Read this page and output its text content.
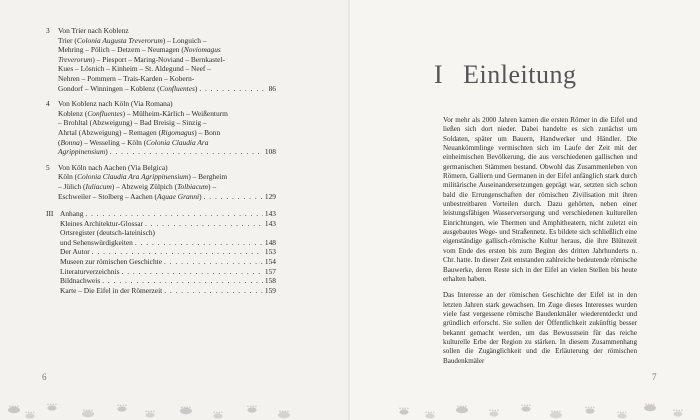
3 Von Trier nach Koblenz
Trier (Colonia Augusta Treverorum) – Longuich –
Mehring – Pölich – Detzem – Neumagen (Noviomagus
Treverorum) – Piesport – Maring-Noviand – Bernkastel-
Kues – Lösnich – Kinheim – St. Aldegund – Neef –
Nehren – Pommern – Trais-Karden – Kobern-
Gondorf – Winningen – Koblenz (Confluentes) . . .	86
4 Von Koblenz nach Köln (Via Romana)
Koblenz (Confluentes) – Mülheim-Kärlich – Weißenturm
– Brohltal (Abzweigung) – Bad Breisig – Sinzig –
Ahrtal (Abzweigung) – Remagen (Rigomagus) – Bonn
(Bonna) – Wesseling – Köln (Colonia Claudia Ara
Agrippinensium) . . .	108
5 Von Köln nach Aachen (Via Belgica)
Köln (Colonia Claudia Ara Agrippinensium) – Bergheim
– Jülich (Iuliacum) – Abzweig Zülpich (Tolbiacum) –
Eschweiler – Stolberg – Aachen (Aquae Granni) . . .	129
III Anhang . . .	143
Kleines Architektur-Glossar . . .	143
Ortsregister (deutsch-lateinisch)
und Sehenswürdigkeiten . . .	148
Der Autor . . .	153
Museen zur römischen Geschichte . . .	154
Literaturverzeichnis . . .	157
Bildnachweis . . .	158
Karte – Die Eifel in der Römerzeit . . .	159
6
I Einleitung

Vor mehr als 2000 Jahren kamen die ersten Römer in die Eifel und ließen sich dort nieder. Dabei handelte es sich zunächst um Soldaten, später um Bauern, Handwerker und Händler. Die Neuankömmlinge vermischten sich im Laufe der Zeit mit der einheimischen Bevölkerung, die aus verschiedenen gallischen und germanischen Stämmen bestand. Obwohl das Zusammenleben von Römern, Galliern und Germanen in der Eifel anfänglich stark durch militärische Auseinandersetzungen geprägt war, setzten sich schon bald die Errungenschaften der römischen Zivilisation mit ihren unbestreitbaren Vorteilen durch. Dazu gehörten, neben einer leistungsfähigen Wasserversorgung und verschiedenen kulturellen Einrichtungen, wie Thermen und Amphitheatern, nicht zuletzt ein ausgebautes Wege- und Straßennetz. Es bildete sich schließlich eine eigenständige gallisch-römische Kultur heraus, die ihre Blütezeit vom Ende des ersten bis zum Beginn des dritten Jahrhunderts n. Chr. hatte. In dieser Zeit entstanden zahlreiche bedeutende römische Bauwerke, deren Reste sich in der Eifel an vielen Stellen bis heute erhalten haben.

Das Interesse an der römischen Geschichte der Eifel ist in den letzten Jahren stark gewachsen. Im Zuge dieses Interesses wurden viele fast vergessene römische Baudenkmäler wiederentdeckt und gründlich erforscht. Sie sollen der Öffentlichkeit zukünftig besser bekannt gemacht werden, um das Bewusstsein für das reiche kulturelle Erbe der Region zu stärken. In diesem Zusammenhang sollen die Zugänglichkeit und die Erläuterung der römischen Baudenkmäler

7
